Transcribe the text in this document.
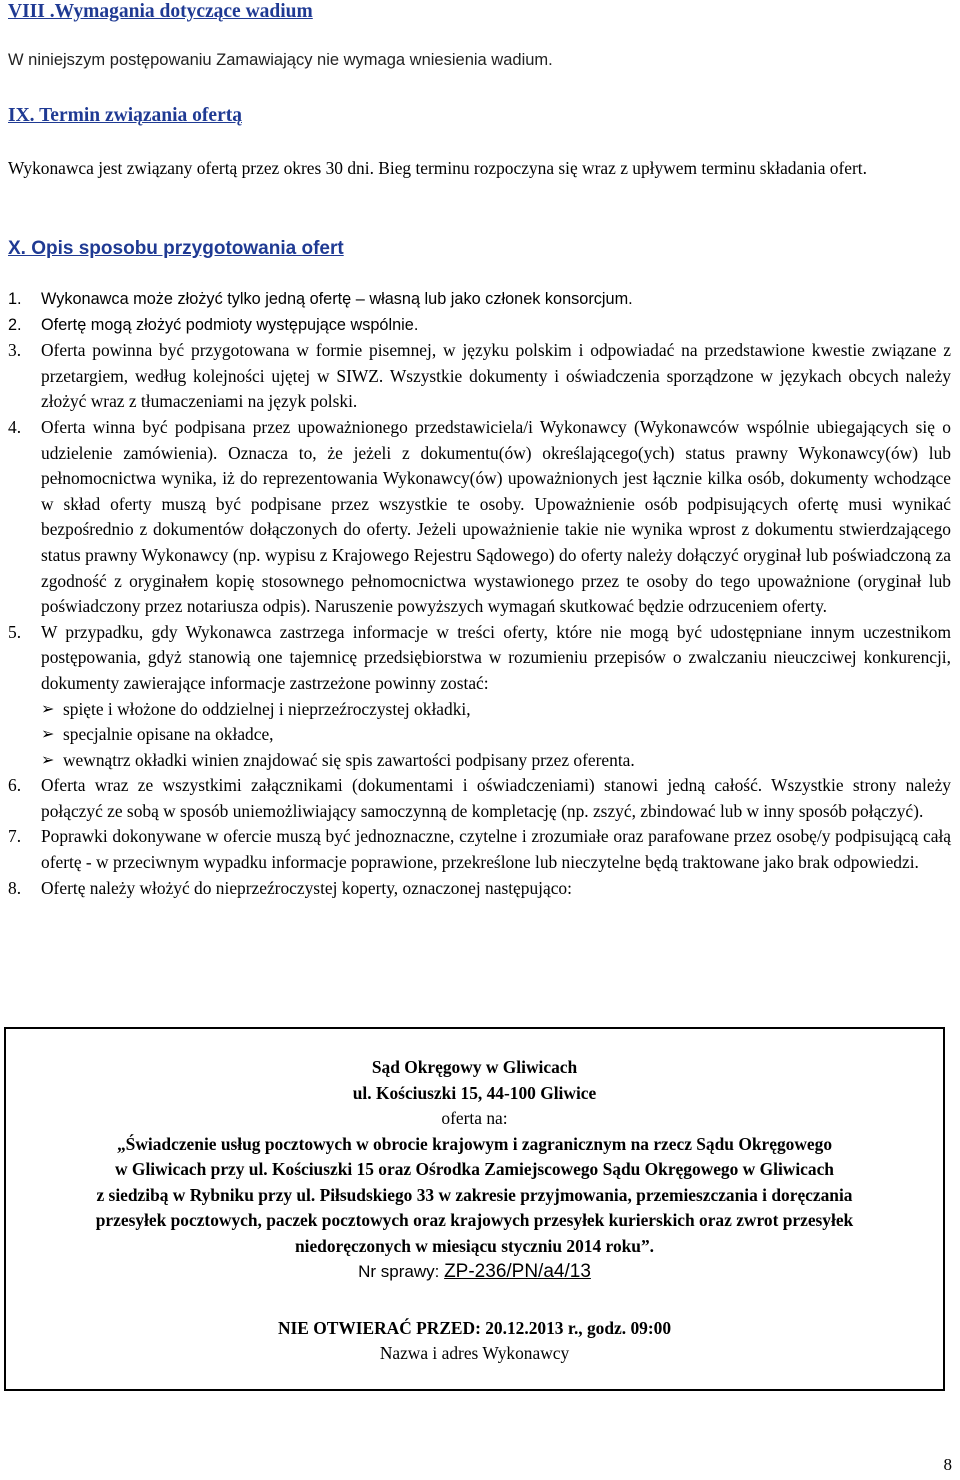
VIII .Wymagania dotyczące wadium
W niniejszym postępowaniu Zamawiający nie wymaga wniesienia wadium.
IX. Termin związania ofertą
Wykonawca jest związany ofertą przez okres 30 dni. Bieg terminu rozpoczyna się wraz z upływem terminu składania ofert.
X. Opis sposobu przygotowania ofert
1. Wykonawca może złożyć tylko jedną ofertę – własną lub jako członek konsorcjum.
2. Ofertę mogą złożyć podmioty występujące wspólnie.
3. Oferta powinna być przygotowana w formie pisemnej, w języku polskim i odpowiadać na przedstawione kwestie związane z przetargiem, według kolejności ujętej w SIWZ. Wszystkie dokumenty i oświadczenia sporządzone w językach obcych należy złożyć wraz z tłumaczeniami na język polski.
4. Oferta winna być podpisana przez upoważnionego przedstawiciela/i Wykonawcy (Wykonawców wspólnie ubiegających się o udzielenie zamówienia). Oznacza to, że jeżeli z dokumentu(ów) określającego(ych) status prawny Wykonawcy(ów) lub pełnomocnictwa wynika, iż do reprezentowania Wykonawcy(ów) upoważnionych jest łącznie kilka osób, dokumenty wchodzące w skład oferty muszą być podpisane przez wszystkie te osoby. Upoważnienie osób podpisujących ofertę musi wynikać bezpośrednio z dokumentów dołączonych do oferty. Jeżeli upoważnienie takie nie wynika wprost z dokumentu stwierdzającego status prawny Wykonawcy (np. wypisu z Krajowego Rejestru Sądowego) do oferty należy dołączyć oryginał lub poświadczoną za zgodność z oryginałem kopię stosownego pełnomocnictwa wystawionego przez te osoby do tego upoważnione (oryginał lub poświadczony przez notariusza odpis). Naruszenie powyższych wymagań skutkować będzie odrzuceniem oferty.
5. W przypadku, gdy Wykonawca zastrzega informacje w treści oferty, które nie mogą być udostępniane innym uczestnikom postępowania, gdyż stanowią one tajemnicę przedsiębiorstwa w rozumieniu przepisów o zwalczaniu nieuczciwej konkurencji, dokumenty zawierające informacje zastrzeżone powinny zostać:
➢ spięte i włożone do oddzielnej i nieprzeźroczystej okładki,
➢ specjalnie opisane na okładce,
➢ wewnątrz okładki winien znajdować się spis zawartości podpisany przez oferenta.
6. Oferta wraz ze wszystkimi załącznikami (dokumentami i oświadczeniami) stanowi jedną całość. Wszystkie strony należy połączyć ze sobą w sposób uniemożliwiający samoczynną de kompletację (np. zszyć, zbindować lub w inny sposób połączyć).
7. Poprawki dokonywane w ofercie muszą być jednoznaczne, czytelne i zrozumiałe oraz parafowane przez osobę/y podpisującą całą ofertę - w przeciwnym wypadku informacje poprawione, przekreślone lub nieczytelne będą traktowane jako brak odpowiedzi.
8. Ofertę należy włożyć do nieprzeźroczystej koperty, oznaczonej następująco:
Sąd Okręgowy w Gliwicach
ul. Kościuszki 15, 44-100 Gliwice
oferta na:
„Świadczenie usług pocztowych w obrocie krajowym i zagranicznym na rzecz Sądu Okręgowego
w Gliwicach przy ul. Kościuszki 15 oraz Ośrodka Zamiejscowego Sądu Okręgowego w Gliwicach
z siedzibą w Rybniku przy ul. Piłsudskiego 33 w zakresie przyjmowania, przemieszczania i doręczania
przesyłek pocztowych, paczek pocztowych oraz krajowych przesyłek kurierskich oraz zwrot przesyłek
niedoręczonych w miesiącu styczniu 2014 roku”.
Nr sprawy: ZP-236/PN/a4/13
NIE OTWIERAĆ PRZED: 20.12.2013 r., godz. 09:00
Nazwa i adres Wykonawcy
8
